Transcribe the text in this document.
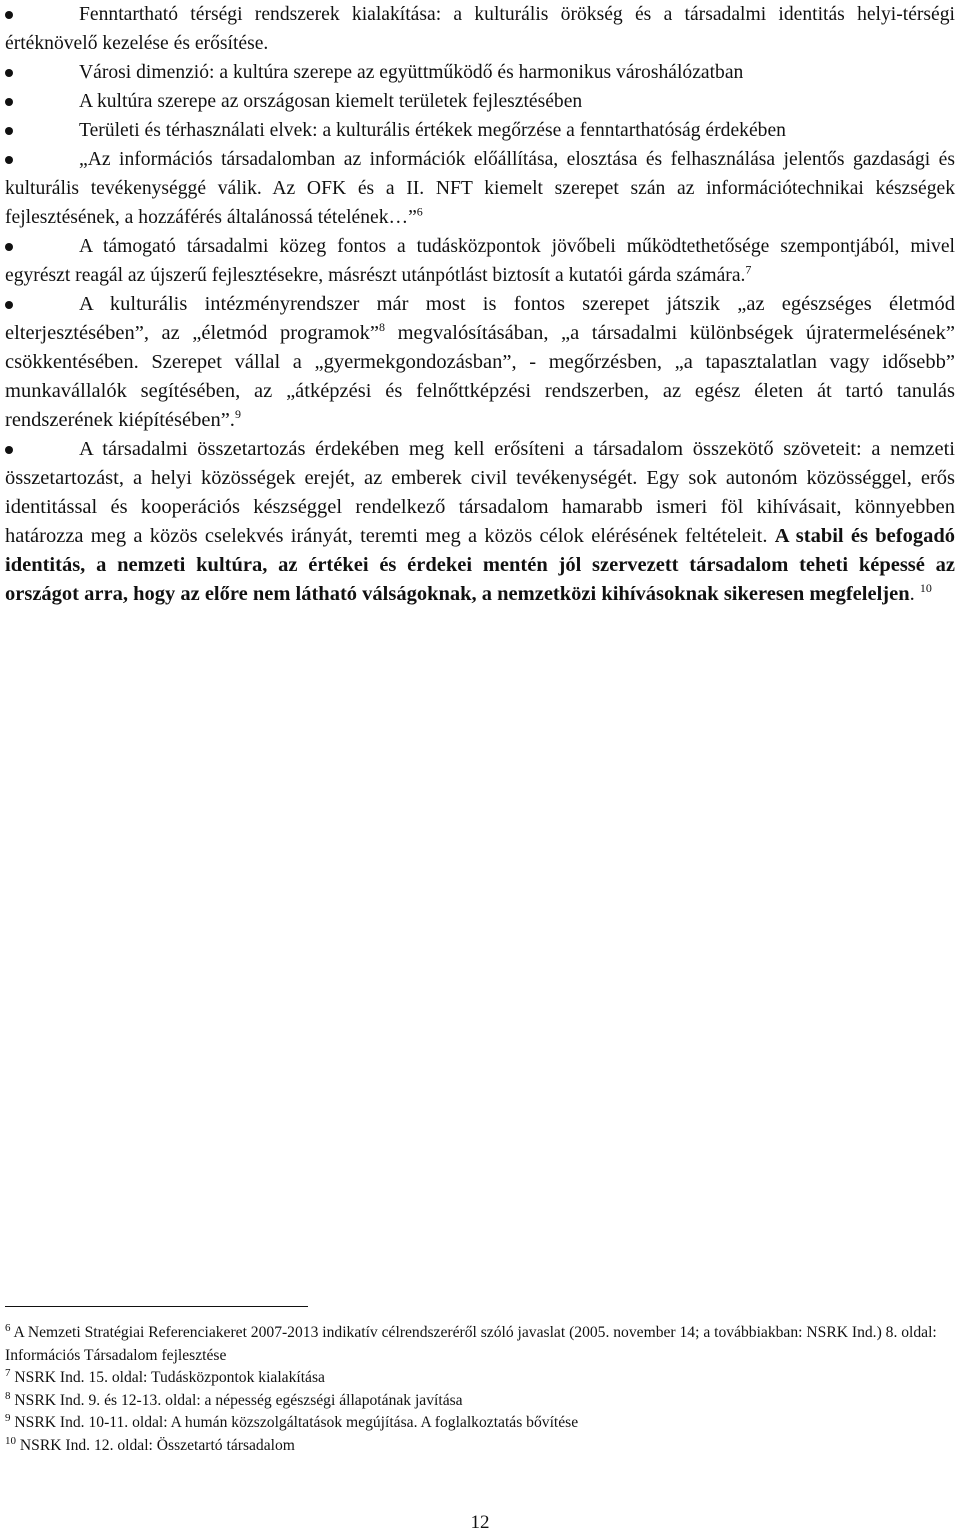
Fenntartható térségi rendszerek kialakítása: a kulturális örökség és a társadalmi identitás helyi-térségi értéknövelő kezelése és erősítése.

Városi dimenzió: a kultúra szerepe az együttműködő és harmonikus városhálózatban

A kultúra szerepe az országosan kiemelt területek fejlesztésében

Területi és térhasználati elvek: a kulturális értékek megőrzése a fenntarthatóság érdekében

„Az információs társadalomban az információk előállítása, elosztása és felhasználása jelentős gazdasági és kulturális tevékenységgé válik. Az OFK és a II. NFT kiemelt szerepet szán az információtechnikai készségek fejlesztésének, a hozzáférés általánossá tételének…”$^6$

A támogató társadalmi közeg fontos a tudásközpontok jövőbeli működtethetősége szempontjából, mivel egyrészt reagál az újszerű fejlesztésekre, másrészt utánpótlást biztosít a kutatói gárda számára.$^7$

A kulturális intézményrendszer már most is fontos szerepet játszik „az egészséges életmód elterjesztésében”, az „életmód programok”$^8$ megvalósításában, „a társadalmi különbségek újratermelésének” csökkentésében. Szerepet vállal a „gyermekgondozásban”, - megőrzésben, „a tapasztalatlan vagy idősebb” munkavállalók segítésében, az „átképzési és felnőttképzési rendszerben, az egész életen át tartó tanulás rendszerének kiépítésében”.$^9$

A társadalmi összetartozás érdekében meg kell erősíteni a társadalom összekötő szöveteit: a nemzeti összetartozást, a helyi közösségek erejét, az emberek civil tevékenységét. Egy sok autonóm közösséggel, erős identitással és kooperációs készséggel rendelkező társadalom hamarabb ismeri föl kihívásait, könnyebben határozza meg a közös cselekvés irányát, teremti meg a közös célok elérésének feltételeit. A stabil és befogadó identitás, a nemzeti kultúra, az értékei és érdekei mentén jól szervezett társadalom teheti képessé az országot arra, hogy az előre nem látható válságoknak, a nemzetközi kihívásoknak sikeresen megfeleljen. $^{10}$

$^6$ A Nemzeti Stratégiai Referenciakeret 2007-2013 indikatív célrendszeréről szóló javaslat (2005. november 14; a továbbiakban: NSRK Ind.) 8. oldal: Információs Társadalom fejlesztése

$^7$ NSRK Ind. 15. oldal: Tudásközpontok kialakítása

$^8$ NSRK Ind. 9. és 12-13. oldal: a népesség egészségi állapotának javítása

$^9$ NSRK Ind. 10-11. oldal: A humán közszolgáltatások megújítása. A foglalkoztatás bővítése

$^{10}$ NSRK Ind. 12. oldal: Összetartó társadalom

12
